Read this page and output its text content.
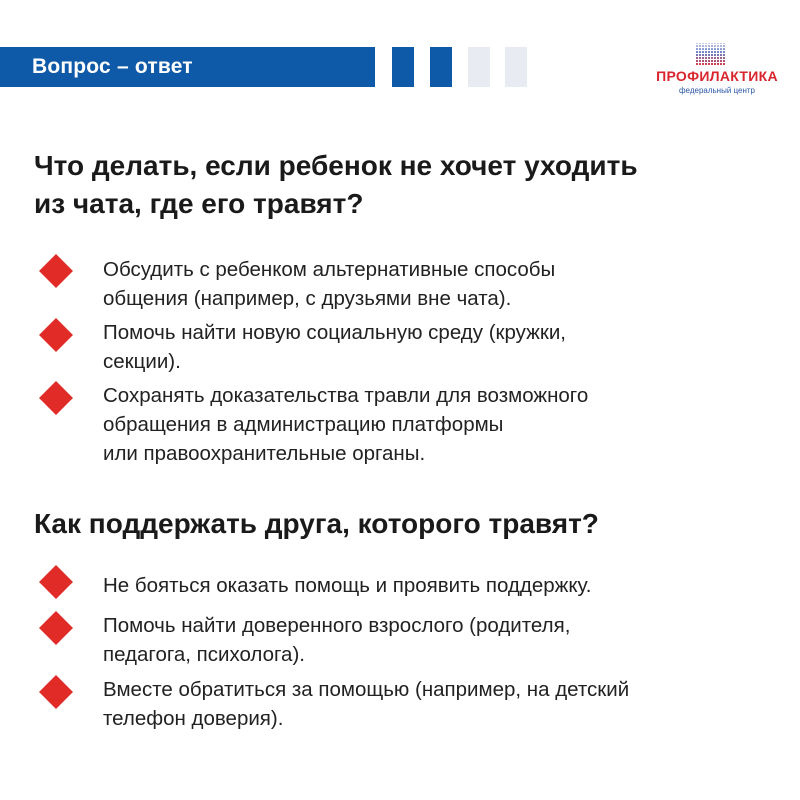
Вопрос – ответ	ПРОФИЛАКТИКА
федеральный центр
Что делать, если ребенок не хочет уходить
из чата, где его травят?
Обсудить с ребенком альтернативные способы
общения (например, с друзьями вне чата).
Помочь найти новую социальную среду (кружки,
секции).
Сохранять доказательства травли для возможного
обращения в администрацию платформы
или правоохранительные органы.
Как поддержать друга, которого травят?
Не бояться оказать помощь и проявить поддержку.
Помочь найти доверенного взрослого (родителя,
педагога, психолога).
Вместе обратиться за помощью (например, на детский
телефон доверия).
